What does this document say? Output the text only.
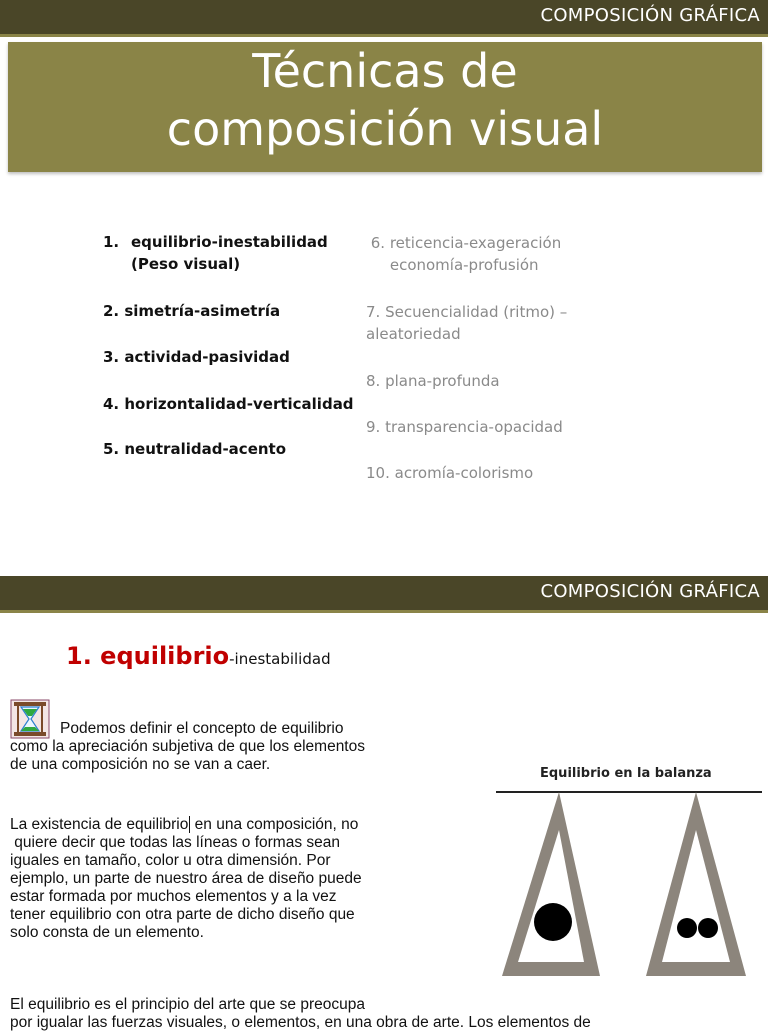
COMPOSICIÓN GRÁFICA
Técnicas de
composición visual
1. equilibrio-inestabilidad
(Peso visual)
2. simetría-asimetría
3. actividad-pasividad
4. horizontalidad-verticalidad
5. neutralidad-acento
6. reticencia-exageración
economía-profusión
7. Secuencialidad (ritmo) –
aleatoriedad
8. plana-profunda
9. transparencia-opacidad
10. acromía-colorismo
COMPOSICIÓN GRÁFICA
1. equilibrio-inestabilidad
Podemos definir el concepto de equilibrio
como la apreciación subjetiva de que los elementos
de una composición no se van a caer.
La existencia de equilibrio en una composición, no
quiere decir que todas las líneas o formas sean
iguales en tamaño, color u otra dimensión. Por
ejemplo, un parte de nuestro área de diseño puede
estar formada por muchos elementos y a la vez
tener equilibrio con otra parte de dicho diseño que
solo consta de un elemento.
El equilibrio es el principio del arte que se preocupa
por igualar las fuerzas visuales, o elementos, en una obra de arte. Los elementos de
Equilibrio en la balanza
